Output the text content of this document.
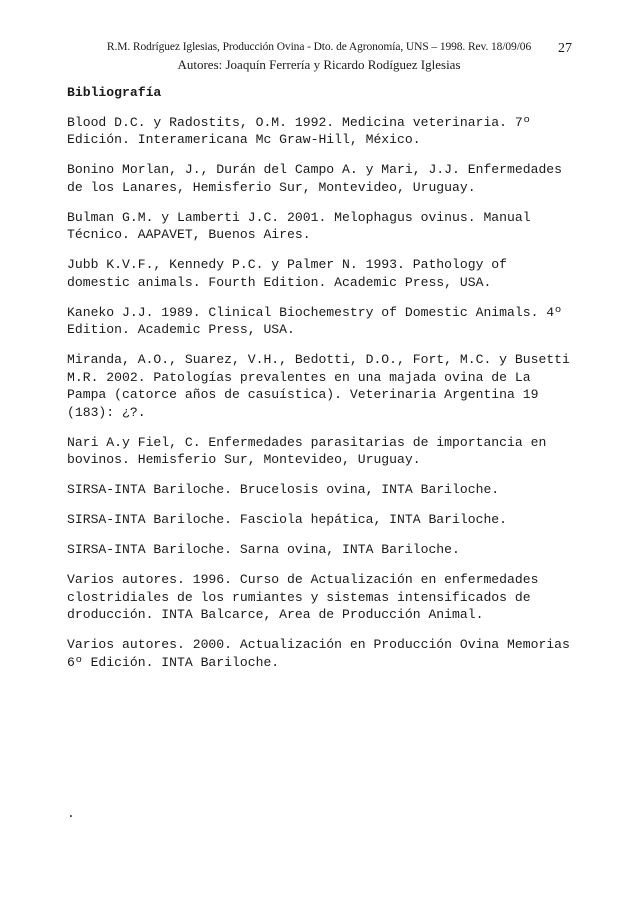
R.M. Rodríguez Iglesias, Producción Ovina - Dto. de Agronomía, UNS – 1998. Rev. 18/09/06	27
Autores: Joaquín Ferrería y Ricardo Rodíguez Iglesias
Bibliografía
Blood D.C. y Radostits, O.M. 1992. Medicina veterinaria. 7º
Edición. Interamericana Mc Graw-Hill, México.
Bonino Morlan, J., Durán del Campo A. y Mari, J.J. Enfermedades
de los Lanares, Hemisferio Sur, Montevideo, Uruguay.
Bulman G.M. y Lamberti J.C. 2001. Melophagus ovinus. Manual
Técnico. AAPAVET, Buenos Aires.
Jubb K.V.F., Kennedy P.C. y Palmer N. 1993. Pathology of
domestic animals. Fourth Edition. Academic Press, USA.
Kaneko J.J. 1989. Clinical Biochemestry of Domestic Animals. 4º
Edition. Academic Press, USA.
Miranda, A.O., Suarez, V.H., Bedotti, D.O., Fort, M.C. y Busetti
M.R. 2002. Patologías prevalentes en una majada ovina de La
Pampa (catorce años de casuística). Veterinaria Argentina 19
(183): ¿?.
Nari A.y Fiel, C. Enfermedades parasitarias de importancia en
bovinos. Hemisferio Sur, Montevideo, Uruguay.
SIRSA-INTA Bariloche. Brucelosis ovina, INTA Bariloche.
SIRSA-INTA Bariloche. Fasciola hepática, INTA Bariloche.
SIRSA-INTA Bariloche. Sarna ovina, INTA Bariloche.
Varios autores. 1996. Curso de Actualización en enfermedades
clostridiales de los rumiantes y sistemas intensificados de
droducción. INTA Balcarce, Area de Producción Animal.
Varios autores. 2000. Actualización en Producción Ovina Memorias
6º Edición. INTA Bariloche.
.
